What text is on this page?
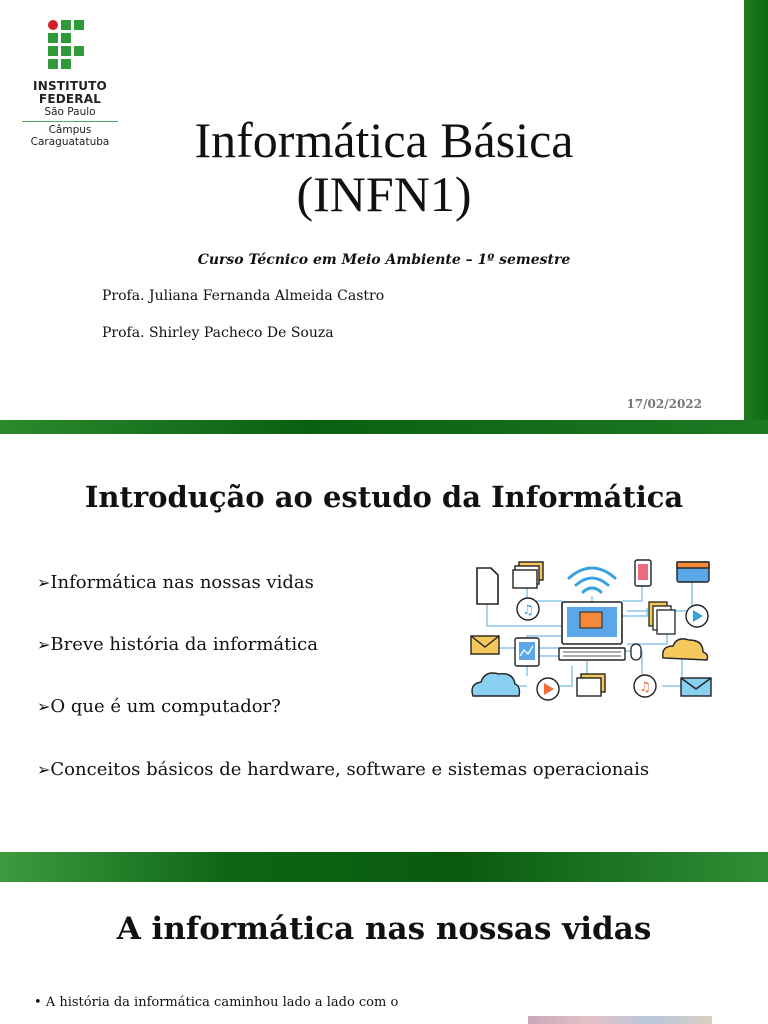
INSTITUTO
FEDERAL
São Paulo
Câmpus
Caraguatatuba	Informática Básica
(INFN1)
Curso Técnico em Meio Ambiente – 1º semestre
Profa. Juliana Fernanda Almeida Castro
Profa. Shirley Pacheco De Souza
17/02/2022
Introdução ao estudo da Informática
➢Informática nas nossas vidas
➢Breve história da informática
➢O que é um computador?
➢Conceitos básicos de hardware, software e sistemas operacionais
♫
♫
A informática nas nossas vidas
• A história da informática caminhou lado a lado com o
